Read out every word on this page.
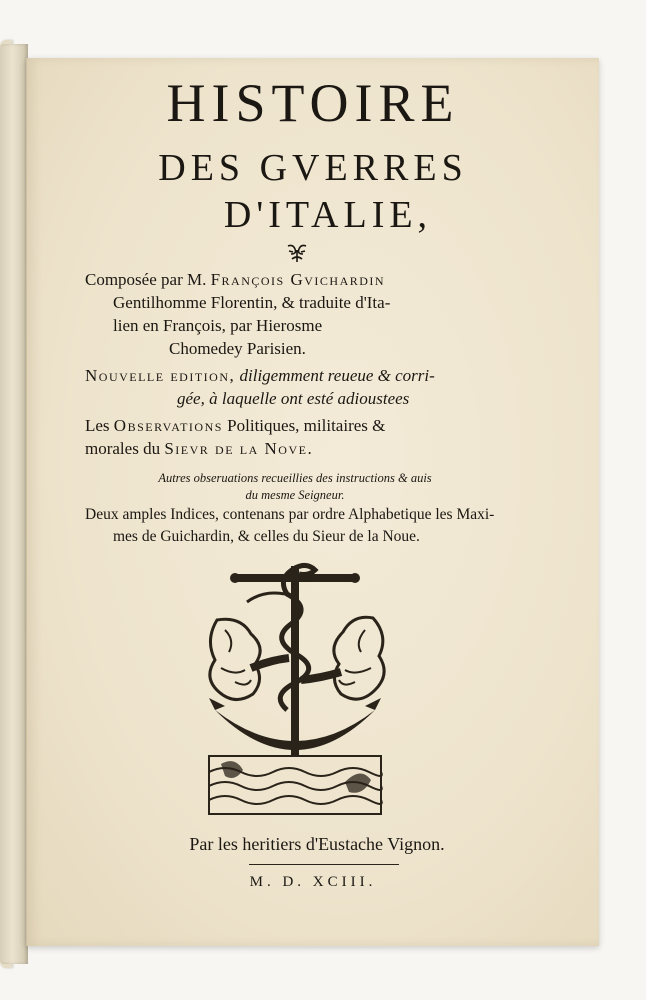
HISTOIRE
DES GVERRES
D'ITALIE,
Composée par M. François Gvichardin
Gentilhomme Florentin, & traduite d'Ita-
lien en François, par Hierosme
Chomedey Parisien.
Nouvelle edition, diligemment reueue & corri-
gée, à laquelle ont esté adioustees
Les Observations Politiques, militaires &
morales du Sievr de la Nove.
Autres obseruations recueillies des instructions & auis
du mesme Seigneur.
Deux amples Indices, contenans par ordre Alphabetique les Maxi-
mes de Guichardin, & celles du Sieur de la Noue.
Par les heritiers d'Eustache Vignon.
M. D. XCIII.
